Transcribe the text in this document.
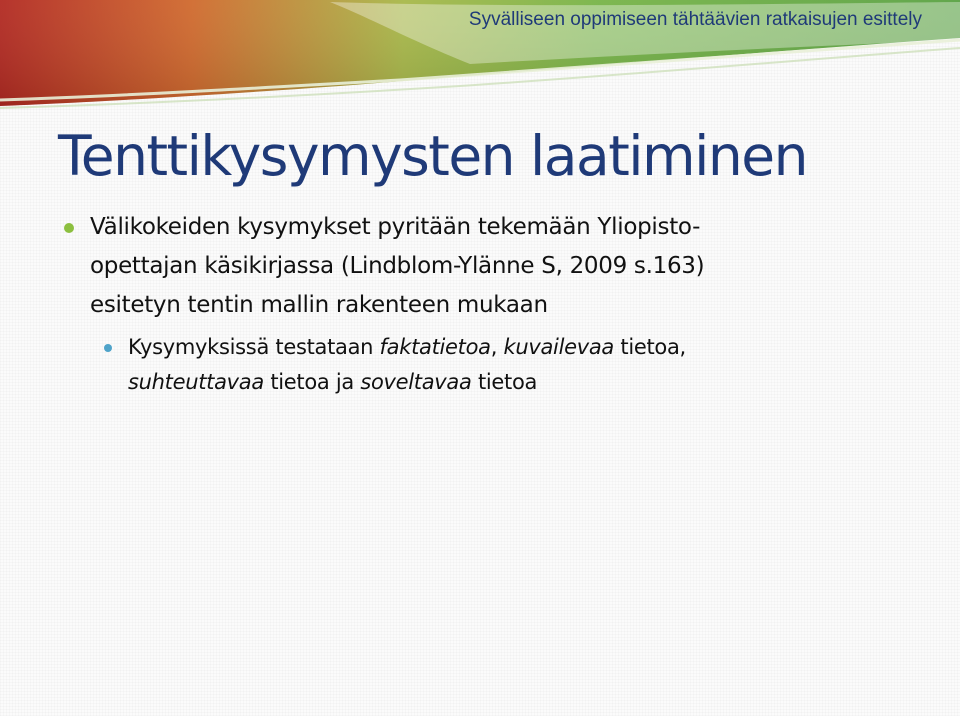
Syvälliseen oppimiseen tähtäävien ratkaisujen esittely
Tenttikysymysten laatiminen
Välikokeiden kysymykset pyritään tekemään Yliopisto-
opettajan käsikirjassa (Lindblom-Ylänne S, 2009 s.163)
esitetyn tentin mallin rakenteen mukaan
Kysymyksissä testataan faktatietoa, kuvailevaa tietoa,
suhteuttavaa tietoa ja soveltavaa tietoa
